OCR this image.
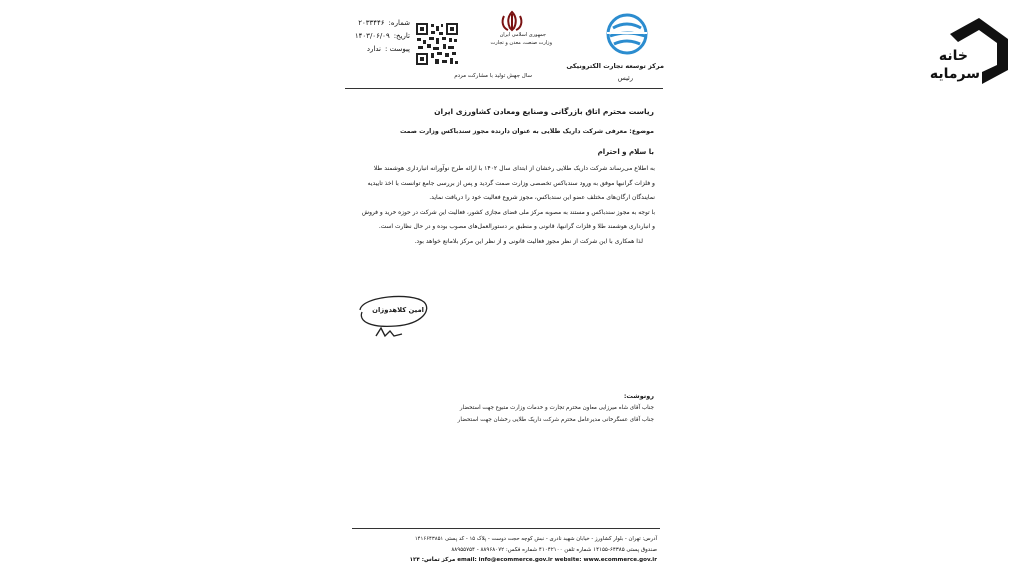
خانه
سرمایه
مرکز توسعه تجارت الکترونیکی
رئیس
جمهوری اسلامی ایران
وزارت صنعت، معدن و تجارت
شماره:
۲۰۳۳۴۴۶
تاریخ:
۱۴۰۳/۰۶/۰۹
پیوست :
ندارد
سال جهش تولید با مشارکت مردم
ریاست محترم اتاق بازرگانی وصنایع ومعادن کشاورزی ایران
موضوع: معرفی شرکت داریک طلایی به عنوان دارنده مجوز سندباکس وزارت صمت
با سلام و احترام

به اطلاع می‌رساند شرکت داریک طلایی رخشان از ابتدای سال ۱۴۰۲ با ارائه طرح نوآورانه انبارداری هوشمند طلا

و فلزات گرانبها موفق به ورود سندباکس تخصصی وزارت صمت گردید و پس از بررسی جامع توانست با اخذ تاییدیه

نمایندگان ارگان‌های مختلف عضو این سندباکس، مجوز شروع فعالیت خود را دریافت نماید.

با توجه به مجوز سندباکس و مستند به مصوبه مرکز ملی فضای مجازی کشور، فعالیت این شرکت در حوزه خرید و فروش

و انبارداری هوشمند طلا و فلزات گرانبها، قانونی و منطبق بر دستورالعمل‌های مصوب بوده و در حال نظارت است.

لذا همکاری با این شرکت از نظر مجوز فعالیت قانونی و از نظر این مرکز بلامانع خواهد بود.

امین کلاهدوزان
رونوشت:
جناب آقای شاه میرزایی معاون محترم تجارت و خدمات وزارت متبوع جهت استحضار
جناب آقای عسگرخانی مدیرعامل محترم شرکت داریک طلایی رخشان جهت استحضار

آدرس: تهران - بلوار کشاورز - خیابان شهید نادری - نبش کوچه حجت دوست - پلاک ۱۵ - کد پستی ۱۴۱۶۶۴۳۸۵۱

صندوق پستی ۶۴۳۸۵-۱۴۱۵۵ شماره تلفن ۴۱۰۴۲۱۰۰ شماره فکس: ۸۸۹۶۸۰۷۲ - ۸۸۹۵۵۷۵۴

email: info@ecommerce.gov.ir website: www.ecommerce.gov.ir مرکز تماس: ۱۲۴
